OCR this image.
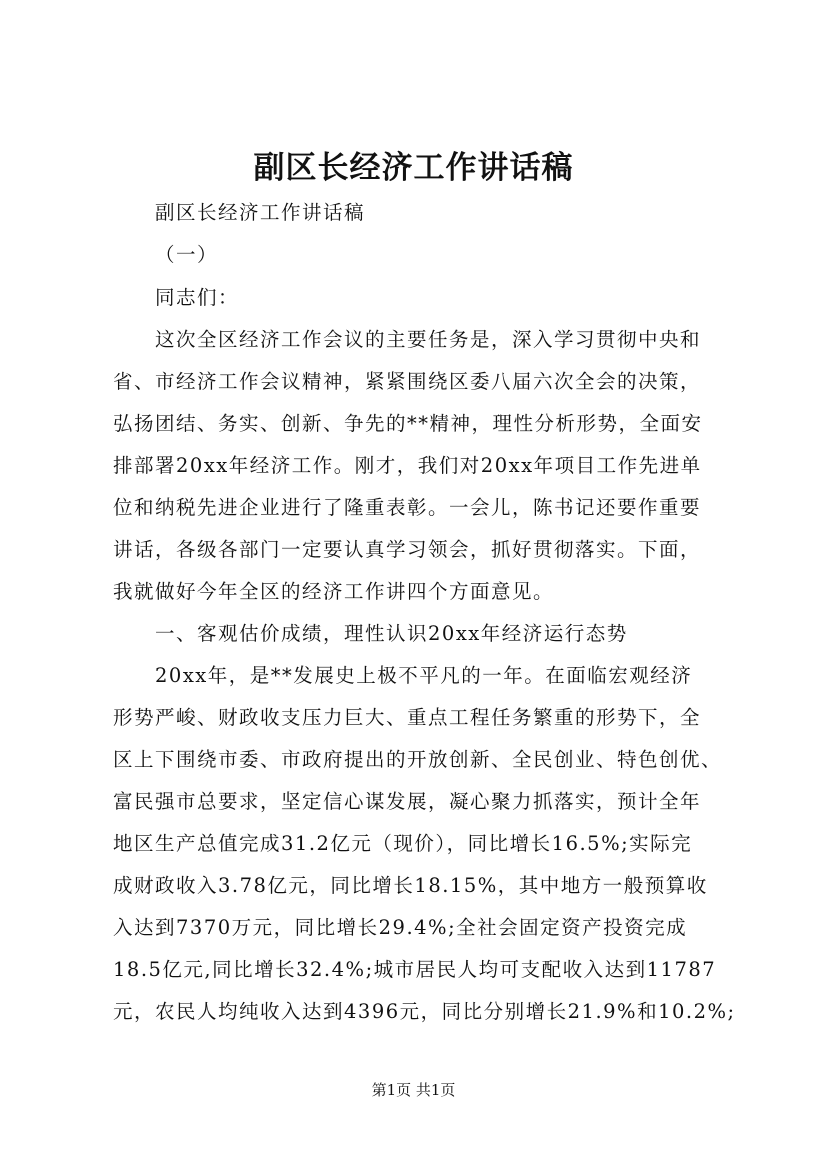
副区长经济工作讲话稿
副区长经济工作讲话稿
（一）
同志们：
这次全区经济工作会议的主要任务是，深入学习贯彻中央和
省、市经济工作会议精神，紧紧围绕区委八届六次全会的决策，
弘扬团结、务实、创新、争先的**精神，理性分析形势，全面安
排部署20xx年经济工作。刚才，我们对20xx年项目工作先进单
位和纳税先进企业进行了隆重表彰。一会儿，陈书记还要作重要
讲话，各级各部门一定要认真学习领会，抓好贯彻落实。下面，
我就做好今年全区的经济工作讲四个方面意见。
一、客观估价成绩，理性认识20xx年经济运行态势
20xx年，是**发展史上极不平凡的一年。在面临宏观经济
形势严峻、财政收支压力巨大、重点工程任务繁重的形势下，全
区上下围绕市委、市政府提出的开放创新、全民创业、特色创优、
富民强市总要求，坚定信心谋发展，凝心聚力抓落实，预计全年
地区生产总值完成31.2亿元（现价），同比增长16.5%;实际完
成财政收入3.78亿元，同比增长18.15%，其中地方一般预算收
入达到7370万元，同比增长29.4%;全社会固定资产投资完成
18.5亿元,同比增长32.4%;城市居民人均可支配收入达到11787
元，农民人均纯收入达到4396元，同比分别增长21.9%和10.2%;
第1页 共1页
